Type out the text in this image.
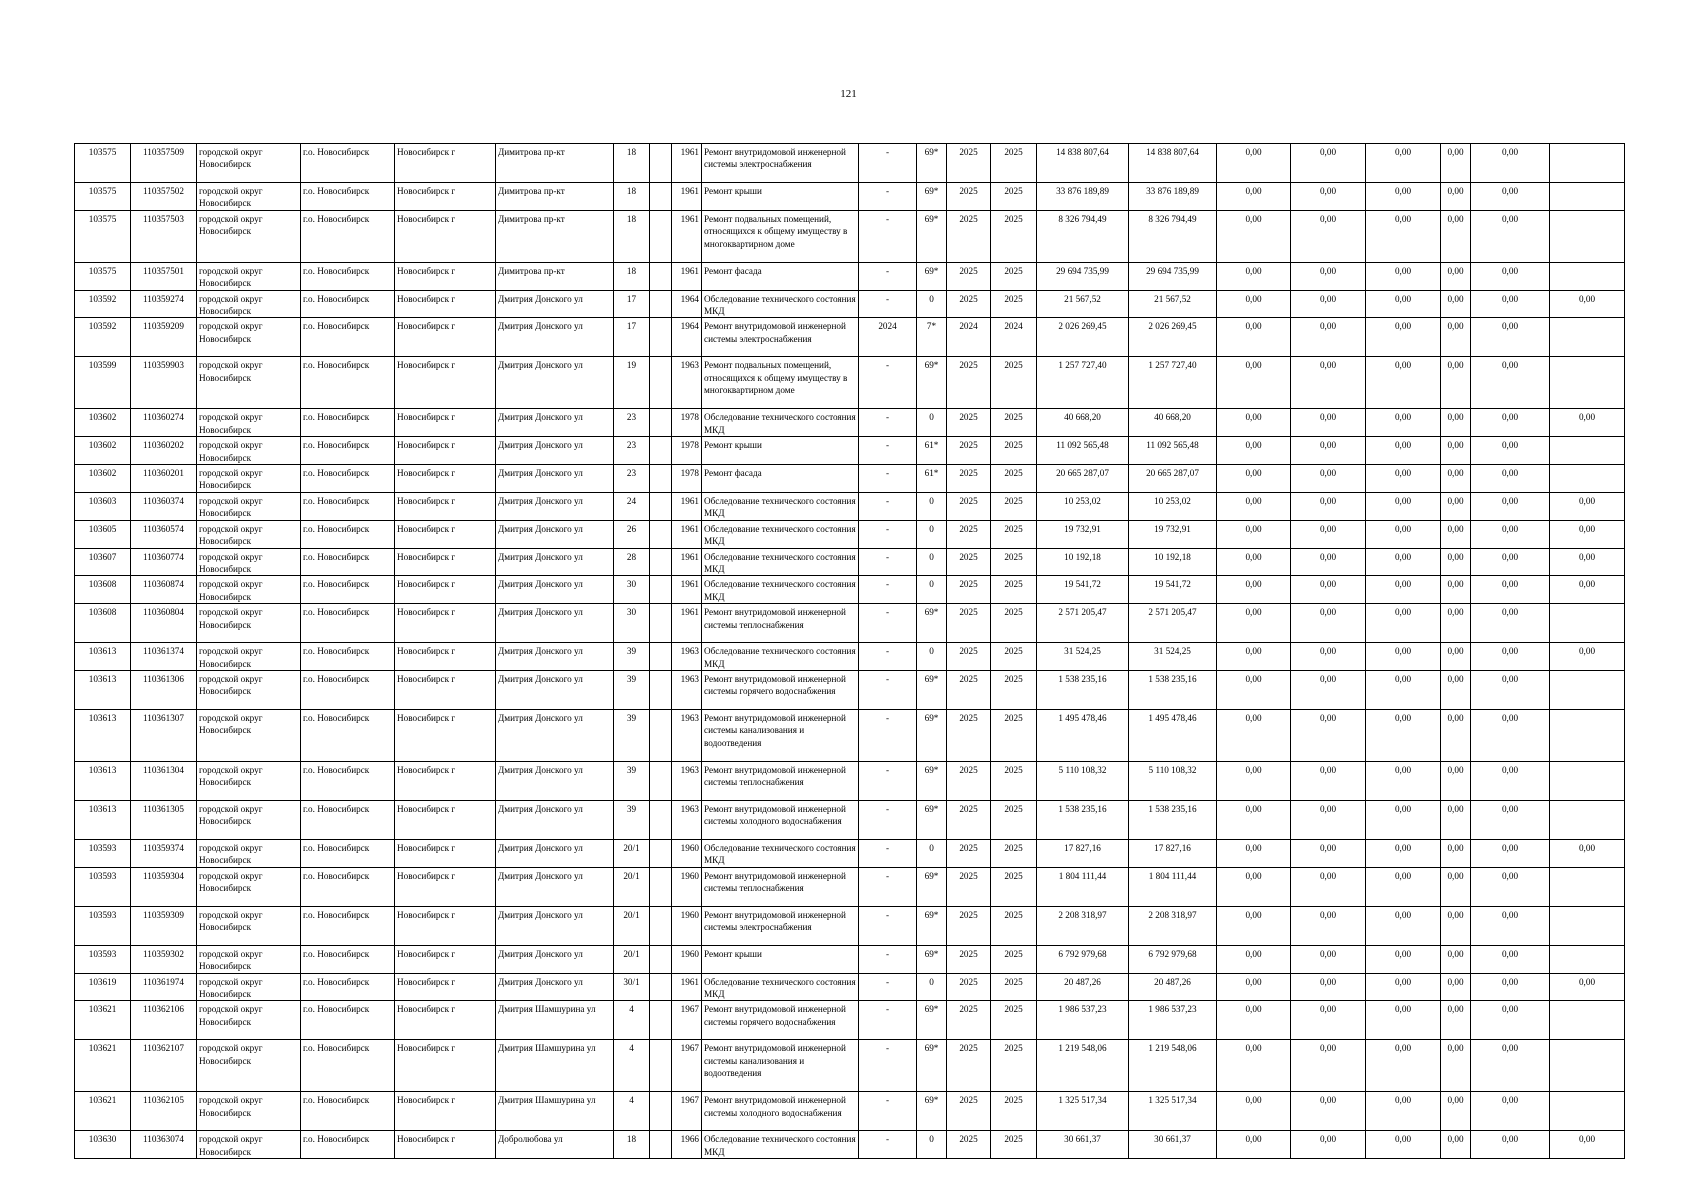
121
103575	110357509	городской округ Новосибирск	г.о. Новосибирск	Новосибирск г	Димитрова пр-кт	18		1961	Ремонт внутридомовой инженерной системы электроснабжения	-	69*	2025	2025	14 838 807,64	14 838 807,64	0,00	0,00	0,00	0,00	0,00	
103575	110357502	городской округ Новосибирск	г.о. Новосибирск	Новосибирск г	Димитрова пр-кт	18		1961	Ремонт крыши	-	69*	2025	2025	33 876 189,89	33 876 189,89	0,00	0,00	0,00	0,00	0,00	
103575	110357503	городской округ Новосибирск	г.о. Новосибирск	Новосибирск г	Димитрова пр-кт	18		1961	Ремонт подвальных помещений, относящихся к общему имуществу в многоквартирном доме	-	69*	2025	2025	8 326 794,49	8 326 794,49	0,00	0,00	0,00	0,00	0,00	
103575	110357501	городской округ Новосибирск	г.о. Новосибирск	Новосибирск г	Димитрова пр-кт	18		1961	Ремонт фасада	-	69*	2025	2025	29 694 735,99	29 694 735,99	0,00	0,00	0,00	0,00	0,00	
103592	110359274	городской округ Новосибирск	г.о. Новосибирск	Новосибирск г	Дмитрия Донского ул	17		1964	Обследование технического состояния МКД	-	0	2025	2025	21 567,52	21 567,52	0,00	0,00	0,00	0,00	0,00	0,00
103592	110359209	городской округ Новосибирск	г.о. Новосибирск	Новосибирск г	Дмитрия Донского ул	17		1964	Ремонт внутридомовой инженерной системы электроснабжения	2024	7*	2024	2024	2 026 269,45	2 026 269,45	0,00	0,00	0,00	0,00	0,00	
103599	110359903	городской округ Новосибирск	г.о. Новосибирск	Новосибирск г	Дмитрия Донского ул	19		1963	Ремонт подвальных помещений, относящихся к общему имуществу в многоквартирном доме	-	69*	2025	2025	1 257 727,40	1 257 727,40	0,00	0,00	0,00	0,00	0,00	
103602	110360274	городской округ Новосибирск	г.о. Новосибирск	Новосибирск г	Дмитрия Донского ул	23		1978	Обследование технического состояния МКД	-	0	2025	2025	40 668,20	40 668,20	0,00	0,00	0,00	0,00	0,00	0,00
103602	110360202	городской округ Новосибирск	г.о. Новосибирск	Новосибирск г	Дмитрия Донского ул	23		1978	Ремонт крыши	-	61*	2025	2025	11 092 565,48	11 092 565,48	0,00	0,00	0,00	0,00	0,00	
103602	110360201	городской округ Новосибирск	г.о. Новосибирск	Новосибирск г	Дмитрия Донского ул	23		1978	Ремонт фасада	-	61*	2025	2025	20 665 287,07	20 665 287,07	0,00	0,00	0,00	0,00	0,00	
103603	110360374	городской округ Новосибирск	г.о. Новосибирск	Новосибирск г	Дмитрия Донского ул	24		1961	Обследование технического состояния МКД	-	0	2025	2025	10 253,02	10 253,02	0,00	0,00	0,00	0,00	0,00	0,00
103605	110360574	городской округ Новосибирск	г.о. Новосибирск	Новосибирск г	Дмитрия Донского ул	26		1961	Обследование технического состояния МКД	-	0	2025	2025	19 732,91	19 732,91	0,00	0,00	0,00	0,00	0,00	0,00
103607	110360774	городской округ Новосибирск	г.о. Новосибирск	Новосибирск г	Дмитрия Донского ул	28		1961	Обследование технического состояния МКД	-	0	2025	2025	10 192,18	10 192,18	0,00	0,00	0,00	0,00	0,00	0,00
103608	110360874	городской округ Новосибирск	г.о. Новосибирск	Новосибирск г	Дмитрия Донского ул	30		1961	Обследование технического состояния МКД	-	0	2025	2025	19 541,72	19 541,72	0,00	0,00	0,00	0,00	0,00	0,00
103608	110360804	городской округ Новосибирск	г.о. Новосибирск	Новосибирск г	Дмитрия Донского ул	30		1961	Ремонт внутридомовой инженерной системы теплоснабжения	-	69*	2025	2025	2 571 205,47	2 571 205,47	0,00	0,00	0,00	0,00	0,00	
103613	110361374	городской округ Новосибирск	г.о. Новосибирск	Новосибирск г	Дмитрия Донского ул	39		1963	Обследование технического состояния МКД	-	0	2025	2025	31 524,25	31 524,25	0,00	0,00	0,00	0,00	0,00	0,00
103613	110361306	городской округ Новосибирск	г.о. Новосибирск	Новосибирск г	Дмитрия Донского ул	39		1963	Ремонт внутридомовой инженерной системы горячего водоснабжения	-	69*	2025	2025	1 538 235,16	1 538 235,16	0,00	0,00	0,00	0,00	0,00	
103613	110361307	городской округ Новосибирск	г.о. Новосибирск	Новосибирск г	Дмитрия Донского ул	39		1963	Ремонт внутридомовой инженерной системы канализования и водоотведения	-	69*	2025	2025	1 495 478,46	1 495 478,46	0,00	0,00	0,00	0,00	0,00	
103613	110361304	городской округ Новосибирск	г.о. Новосибирск	Новосибирск г	Дмитрия Донского ул	39		1963	Ремонт внутридомовой инженерной системы теплоснабжения	-	69*	2025	2025	5 110 108,32	5 110 108,32	0,00	0,00	0,00	0,00	0,00	
103613	110361305	городской округ Новосибирск	г.о. Новосибирск	Новосибирск г	Дмитрия Донского ул	39		1963	Ремонт внутридомовой инженерной системы холодного водоснабжения	-	69*	2025	2025	1 538 235,16	1 538 235,16	0,00	0,00	0,00	0,00	0,00	
103593	110359374	городской округ Новосибирск	г.о. Новосибирск	Новосибирск г	Дмитрия Донского ул	20/1		1960	Обследование технического состояния МКД	-	0	2025	2025	17 827,16	17 827,16	0,00	0,00	0,00	0,00	0,00	0,00
103593	110359304	городской округ Новосибирск	г.о. Новосибирск	Новосибирск г	Дмитрия Донского ул	20/1		1960	Ремонт внутридомовой инженерной системы теплоснабжения	-	69*	2025	2025	1 804 111,44	1 804 111,44	0,00	0,00	0,00	0,00	0,00	
103593	110359309	городской округ Новосибирск	г.о. Новосибирск	Новосибирск г	Дмитрия Донского ул	20/1		1960	Ремонт внутридомовой инженерной системы электроснабжения	-	69*	2025	2025	2 208 318,97	2 208 318,97	0,00	0,00	0,00	0,00	0,00	
103593	110359302	городской округ Новосибирск	г.о. Новосибирск	Новосибирск г	Дмитрия Донского ул	20/1		1960	Ремонт крыши	-	69*	2025	2025	6 792 979,68	6 792 979,68	0,00	0,00	0,00	0,00	0,00	
103619	110361974	городской округ Новосибирск	г.о. Новосибирск	Новосибирск г	Дмитрия Донского ул	30/1		1961	Обследование технического состояния МКД	-	0	2025	2025	20 487,26	20 487,26	0,00	0,00	0,00	0,00	0,00	0,00
103621	110362106	городской округ Новосибирск	г.о. Новосибирск	Новосибирск г	Дмитрия Шамшурина ул	4		1967	Ремонт внутридомовой инженерной системы горячего водоснабжения	-	69*	2025	2025	1 986 537,23	1 986 537,23	0,00	0,00	0,00	0,00	0,00	
103621	110362107	городской округ Новосибирск	г.о. Новосибирск	Новосибирск г	Дмитрия Шамшурина ул	4		1967	Ремонт внутридомовой инженерной системы канализования и водоотведения	-	69*	2025	2025	1 219 548,06	1 219 548,06	0,00	0,00	0,00	0,00	0,00	
103621	110362105	городской округ Новосибирск	г.о. Новосибирск	Новосибирск г	Дмитрия Шамшурина ул	4		1967	Ремонт внутридомовой инженерной системы холодного водоснабжения	-	69*	2025	2025	1 325 517,34	1 325 517,34	0,00	0,00	0,00	0,00	0,00	
103630	110363074	городской округ Новосибирск	г.о. Новосибирск	Новосибирск г	Добролюбова ул	18		1966	Обследование технического состояния МКД	-	0	2025	2025	30 661,37	30 661,37	0,00	0,00	0,00	0,00	0,00	0,00
